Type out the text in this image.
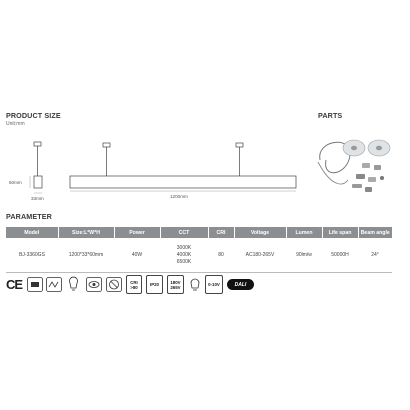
PRODUCT SIZE
Unit:mm
PARTS
60mm
33mm	1200mm
PARAMETER
Model	Size:L*W*H	Power	CCT	CRI	Voltage	Lumen	Life span	Beam angle
BJ-3360GS	1200*33*60mm	40W	3000K
4000K
6500K	80	AC180-265V	90lm/w	50000H	24°
CE	CRI
>80	IP20	180V
265V	0-10V	DALI
